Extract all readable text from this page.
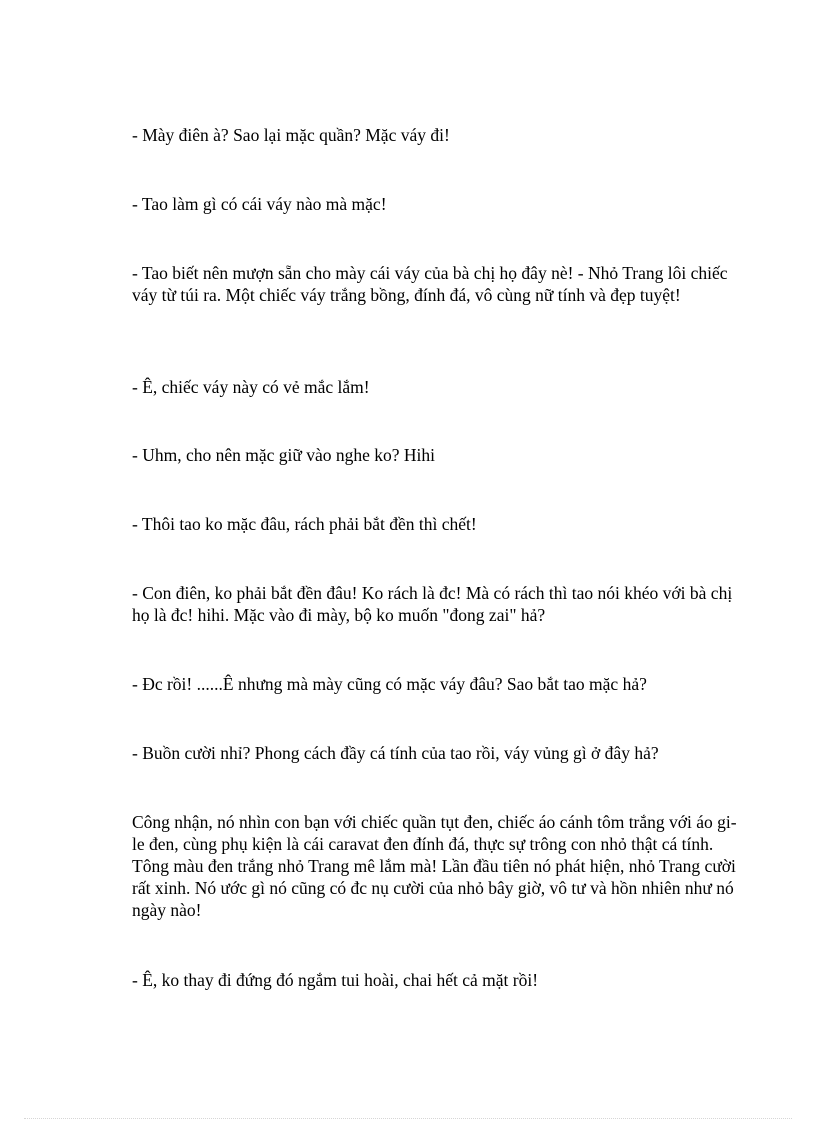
- Mày điên à? Sao lại mặc quần? Mặc váy đi!

- Tao làm gì có cái váy nào mà mặc!

- Tao biết nên mượn sẵn cho mày cái váy của bà chị họ đây nè! - Nhỏ Trang lôi chiếc váy từ túi ra. Một chiếc váy trắng bồng, đính đá, vô cùng nữ tính và đẹp tuyệt!

- Ê, chiếc váy này có vẻ mắc lắm!

- Uhm, cho nên mặc giữ vào nghe ko? Hihi

- Thôi tao ko mặc đâu, rách phải bắt đền thì chết!

- Con điên, ko phải bắt đền đâu! Ko rách là đc! Mà có rách thì tao nói khéo với bà chị họ là đc! hihi. Mặc vào đi mày, bộ ko muốn "đong zai" hả?

- Đc rồi! ......Ê nhưng mà mày cũng có mặc váy đâu? Sao bắt tao mặc hả?

- Buồn cười nhỉ? Phong cách đầy cá tính của tao rồi, váy vủng gì ở đây hả?

Công nhận, nó nhìn con bạn với chiếc quần tụt đen, chiếc áo cánh tôm trắng với áo gi-le đen, cùng phụ kiện là cái caravat đen đính đá, thực sự trông con nhỏ thật cá tính. Tông màu đen trắng nhỏ Trang mê lắm mà! Lần đầu tiên nó phát hiện, nhỏ Trang cười rất xinh. Nó ước gì nó cũng có đc nụ cười của nhỏ bây giờ, vô tư và hồn nhiên như nó ngày nào!

- Ê, ko thay đi đứng đó ngắm tui hoài, chai hết cả mặt rồi!
